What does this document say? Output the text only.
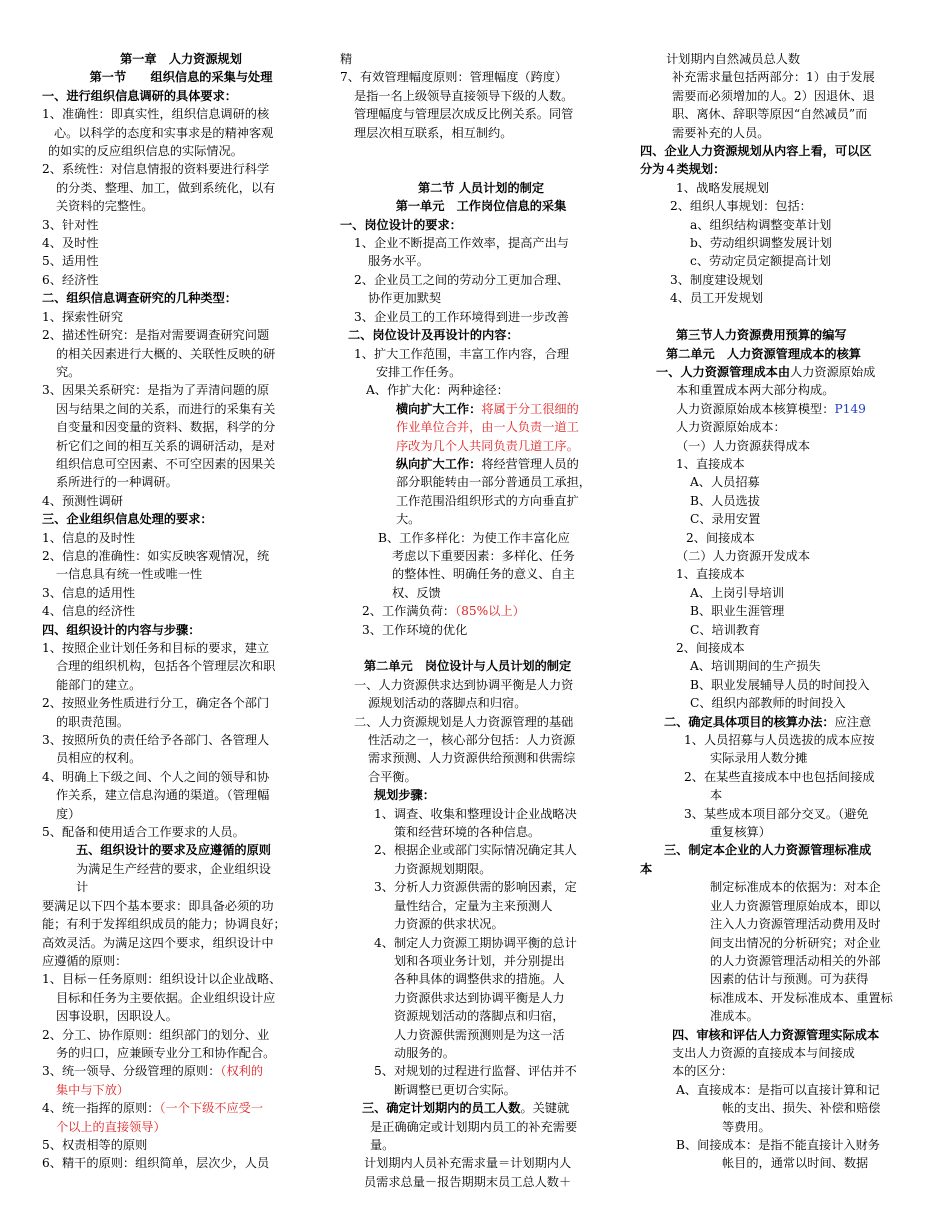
第一章　人力资源规划
第一节　　组织信息的采集与处理
一、进行组织信息调研的具体要求：
1、准确性：即真实性，组织信息调研的核
心。以科学的态度和实事求是的精神客观
的如实的反应组织信息的实际情况。
2、系统性：对信息情报的资料要进行科学
的分类、整理、加工，做到系统化，以有
关资料的完整性。
3、针对性
4、及时性
5、适用性
6、经济性
二、组织信息调查研究的几种类型：
1、探索性研究
2、描述性研究：是指对需要调查研究问题
的相关因素进行大概的、关联性反映的研
究。
3、因果关系研究：是指为了弄清问题的原
因与结果之间的关系，而进行的采集有关
自变量和因变量的资料、数据，科学的分
析它们之间的相互关系的调研活动，是对
组织信息可空因素、不可空因素的因果关
系所进行的一种调研。
4、预测性调研
三、企业组织信息处理的要求：
1、信息的及时性
2、信息的准确性：如实反映客观情况，统
一信息具有统一性或唯一性
3、信息的适用性
4、信息的经济性
四、组织设计的内容与步骤：
1、按照企业计划任务和目标的要求，建立
合理的组织机构，包括各个管理层次和职
能部门的建立。
2、按照业务性质进行分工，确定各个部门
的职责范围。
3、按照所负的责任给予各部门、各管理人
员相应的权利。
4、明确上下级之间、个人之间的领导和协
作关系，建立信息沟通的渠道。（管理幅
度）
5、配备和使用适合工作要求的人员。
五、组织设计的要求及应遵循的原则
为满足生产经营的要求，企业组织设
计
要满足以下四个基本要求：即具备必须的功
能；有利于发挥组织成员的能力；协调良好；
高效灵活。为满足这四个要求，组织设计中
应遵循的原则：
1、目标－任务原则：组织设计以企业战略、
目标和任务为主要依据。企业组织设计应
因事设职，因职设人。
2、分工、协作原则：组织部门的划分、业
务的归口，应兼顾专业分工和协作配合。
3、统一领导、分级管理的原则：（权利的
集中与下放）
4、统一指挥的原则：（一个下级不应受一
个以上的直接领导）
5、权责相等的原则
6、精干的原则：组织简单，层次少，人员
精
7、有效管理幅度原则：管理幅度（跨度）
是指一名上级领导直接领导下级的人数。
管理幅度与管理层次成反比例关系。同管
理层次相互联系，相互制约。

第二节 人员计划的制定
第一单元　工作岗位信息的采集
一、岗位设计的要求：
1、企业不断提高工作效率，提高产出与
服务水平。
2、企业员工之间的劳动分工更加合理、
协作更加默契
3、企业员工的工作环境得到进一步改善
二、岗位设计及再设计的内容：
1、扩大工作范围，丰富工作内容，合理
安排工作任务。
A、作扩大化：两种途径：
横向扩大工作：将属于分工很细的
作业单位合并，由一人负责一道工
序改为几个人共同负责几道工序。
纵向扩大工作：将经营管理人员的
部分职能转由一部分普通员工承担，
工作范围沿组织形式的方向垂直扩
大。
B、工作多样化：为使工作丰富化应
考虑以下重要因素：多样化、任务
的整体性、明确任务的意义、自主
权、反馈
2、工作满负荷：（85%以上）
3、工作环境的优化

第二单元　岗位设计与人员计划的制定
一、人力资源供求达到协调平衡是人力资
源规划活动的落脚点和归宿。
二、人力资源规划是人力资源管理的基础
性活动之一，核心部分包括：人力资源
需求预测、人力资源供给预测和供需综
合平衡。
规划步骤：
1、调查、收集和整理设计企业战略决
策和经营环境的各种信息。
2、根据企业或部门实际情况确定其人
力资源规划期限。
3、分析人力资源供需的影响因素，定
量性结合，定量为主来预测人
力资源的供求状况。
4、制定人力资源工期协调平衡的总计
划和各项业务计划，并分别提出
各种具体的调整供求的措施。人
力资源供求达到协调平衡是人力
资源规划活动的落脚点和归宿，
人力资源供需预测则是为这一活
动服务的。
5、对规划的过程进行监督、评估并不
断调整已更切合实际。
三、确定计划期内的员工人数。关键就
是正确确定或计划期内员工的补充需要
量。
计划期内人员补充需求量＝计划期内人
员需求总量－报告期期末员工总人数＋
计划期内自然减员总人数
补充需求量包括两部分：1）由于发展
需要而必须增加的人。2）因退休、退
职、离休、辞职等原因“自然减员”而
需要补充的人员。
四、企业人力资源规划从内容上看，可以区
分为４类规划：
1、战略发展规划
2、组织人事规划：包括：
a、组织结构调整变革计划
b、劳动组织调整发展计划
c、劳动定员定额提高计划
3、制度建设规划
4、员工开发规划

第三节人力资源费用预算的编写
第二单元　人力资源管理成本的核算
一、人力资源管理成本由人力资源原始成
本和重置成本两大部分构成。
人力资源原始成本核算模型：P149
人力资源原始成本：
（一）人力资源获得成本
1、直接成本
A、人员招募
B、人员选拔
C、录用安置
2、间接成本
（二）人力资源开发成本
1、直接成本
A、上岗引导培训
B、职业生涯管理
C、培训教育
2、间接成本
A、培训期间的生产损失
B、职业发展辅导人员的时间投入
C、组织内部教师的时间投入
二、确定具体项目的核算办法：应注意
1、人员招募与人员选拔的成本应按
实际录用人数分摊
2、在某些直接成本中也包括间接成
本
3、某些成本项目部分交叉。（避免
重复核算）
三、制定本企业的人力资源管理标准成
本
制定标准成本的依据为：对本企
业人力资源管理原始成本，即以
注入人力资源管理活动费用及时
间支出情况的分析研究；对企业
的人力资源管理活动相关的外部
因素的估计与预测。可为获得
标准成本、开发标准成本、重置标
准成本。
四、审核和评估人力资源管理实际成本
支出人力资源的直接成本与间接成
本的区分：
A、直接成本：是指可以直接计算和记
帐的支出、损失、补偿和赔偿
等费用。
B、间接成本：是指不能直接计入财务
帐目的，通常以时间、数据
